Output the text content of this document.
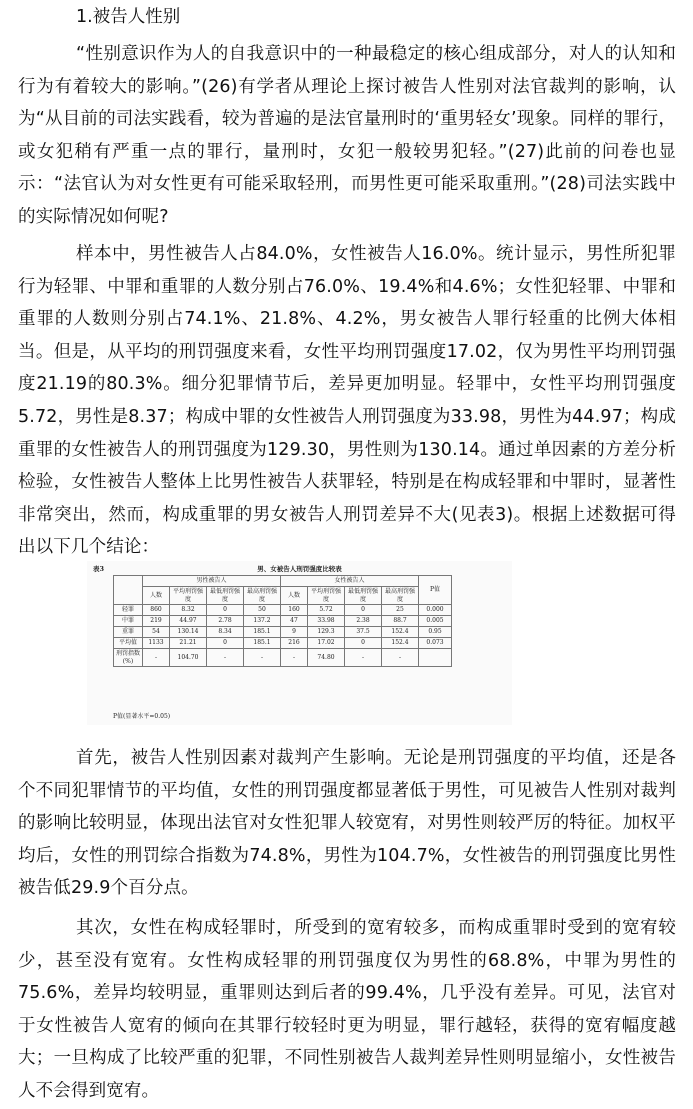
1.被告人性别

“性别意识作为人的自我意识中的一种最稳定的核心组成部分，对人的认知和行为有着较大的影响。”(26)有学者从理论上探讨被告人性别对法官裁判的影响，认为“从目前的司法实践看，较为普遍的是法官量刑时的‘重男轻女’现象。同样的罪行，或女犯稍有严重一点的罪行，量刑时，女犯一般较男犯轻。”(27)此前的问卷也显示：“法官认为对女性更有可能采取轻刑，而男性更可能采取重刑。”(28)司法实践中的实际情况如何呢?

样本中，男性被告人占84.0%，女性被告人16.0%。统计显示，男性所犯罪行为轻罪、中罪和重罪的人数分别占76.0%、19.4%和4.6%；女性犯轻罪、中罪和重罪的人数则分别占74.1%、21.8%、4.2%，男女被告人罪行轻重的比例大体相当。但是，从平均的刑罚强度来看，女性平均刑罚强度17.02，仅为男性平均刑罚强度21.19的80.3%。细分犯罪情节后，差异更加明显。轻罪中，女性平均刑罚强度5.72，男性是8.37；构成中罪的女性被告人刑罚强度为33.98，男性为44.97；构成重罪的女性被告人的刑罚强度为129.30，男性则为130.14。通过单因素的方差分析检验，女性被告人整体上比男性被告人获罪轻，特别是在构成轻罪和中罪时，显著性非常突出，然而，构成重罪的男女被告人刑罚差异不大(见表3)。根据上述数据可得出以下几个结论：

表3	男、女被告人刑罚强度比较表
	男性被告人				女性被告人				P值
	人数	平均刑罚强度	最低刑罚强度	最高刑罚强度	人数	平均刑罚强度	最低刑罚强度	最高刑罚强度	
轻罪	860	8.32	0	50	160	5.72	0	25	0.000
中罪	219	44.97	2.78	137.2	47	33.98	2.38	88.7	0.005
重罪	54	130.14	8.34	185.1	9	129.3	37.5	152.4	0.95
平均值	1133	21.21	0	185.1	216	17.02	0	152.4	0.073
刑罚指数(%)	-	104.70	-	-	-	74.80	-	-	
P值(显著水平=0.05)

首先，被告人性别因素对裁判产生影响。无论是刑罚强度的平均值，还是各个不同犯罪情节的平均值，女性的刑罚强度都显著低于男性，可见被告人性别对裁判的影响比较明显，体现出法官对女性犯罪人较宽宥，对男性则较严厉的特征。加权平均后，女性的刑罚综合指数为74.8%，男性为104.7%，女性被告的刑罚强度比男性被告低29.9个百分点。

其次，女性在构成轻罪时，所受到的宽宥较多，而构成重罪时受到的宽宥较少，甚至没有宽宥。女性构成轻罪的刑罚强度仅为男性的68.8%，中罪为男性的75.6%，差异均较明显，重罪则达到后者的99.4%，几乎没有差异。可见，法官对于女性被告人宽宥的倾向在其罪行较轻时更为明显，罪行越轻，获得的宽宥幅度越大；一旦构成了比较严重的犯罪，不同性别被告人裁判差异性则明显缩小，女性被告人不会得到宽宥。
